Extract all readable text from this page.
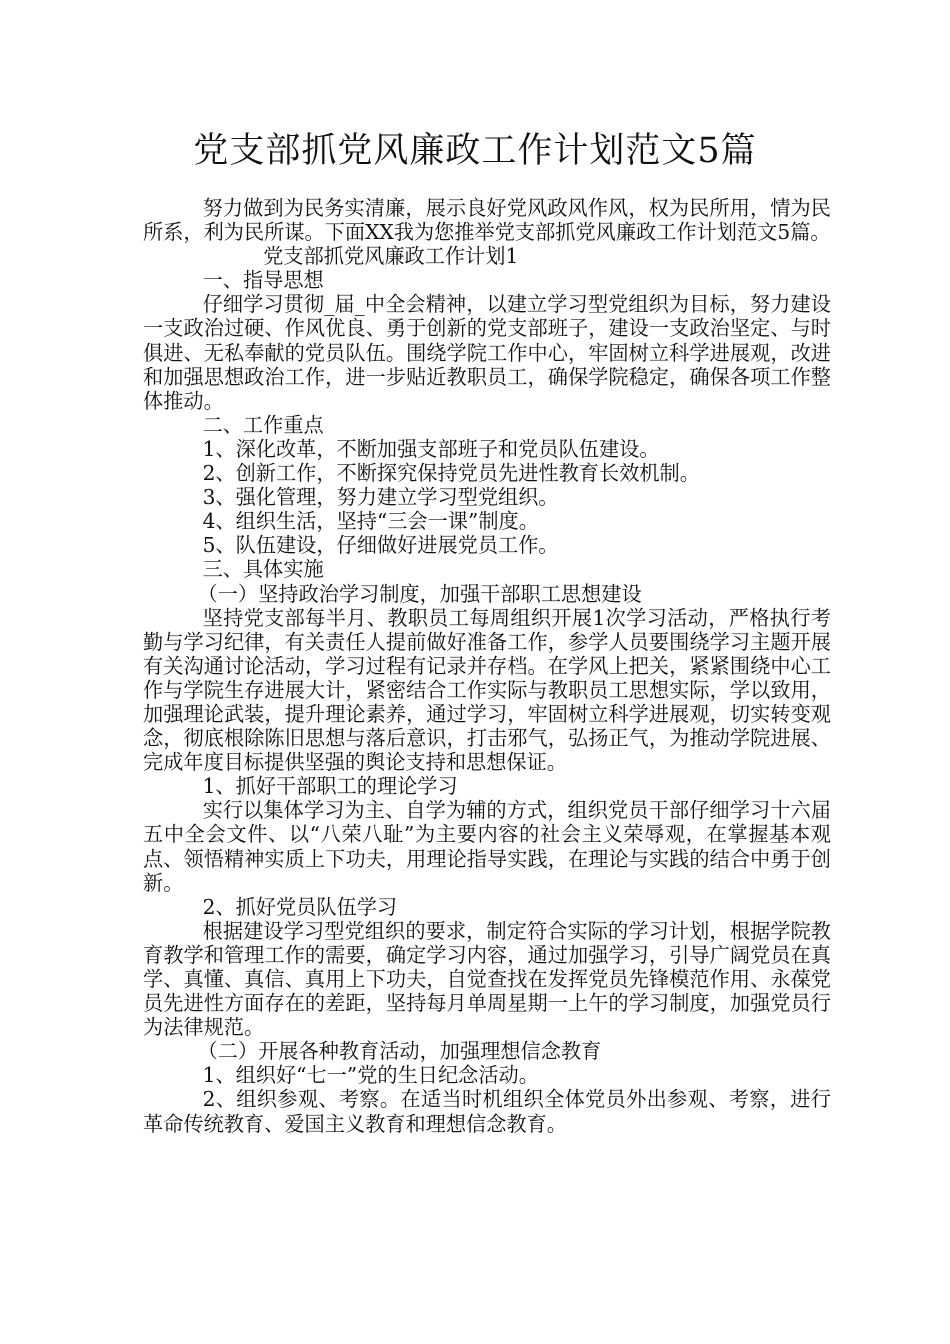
党支部抓党风廉政工作计划范文5篇

努力做到为民务实清廉，展示良好党风政风作风，权为民所用，情为民所系，利为民所谋。下面XX我为您推举党支部抓党风廉政工作计划范文5篇。

党支部抓党风廉政工作计划1

一、指导思想

仔细学习贯彻_届_中全会精神，以建立学习型党组织为目标，努力建设一支政治过硬、作风优良、勇于创新的党支部班子，建设一支政治坚定、与时俱进、无私奉献的党员队伍。围绕学院工作中心，牢固树立科学进展观，改进和加强思想政治工作，进一步贴近教职员工，确保学院稳定，确保各项工作整体推动。

二、工作重点

1、深化改革，不断加强支部班子和党员队伍建设。

2、创新工作，不断探究保持党员先进性教育长效机制。

3、强化管理，努力建立学习型党组织。

4、组织生活，坚持“三会一课”制度。

5、队伍建设，仔细做好进展党员工作。

三、具体实施

（一）坚持政治学习制度，加强干部职工思想建设

坚持党支部每半月、教职员工每周组织开展1次学习活动，严格执行考勤与学习纪律，有关责任人提前做好准备工作，参学人员要围绕学习主题开展有关沟通讨论活动，学习过程有记录并存档。在学风上把关，紧紧围绕中心工作与学院生存进展大计，紧密结合工作实际与教职员工思想实际，学以致用，加强理论武装，提升理论素养，通过学习，牢固树立科学进展观，切实转变观念，彻底根除陈旧思想与落后意识，打击邪气，弘扬正气，为推动学院进展、完成年度目标提供坚强的舆论支持和思想保证。

1、抓好干部职工的理论学习

实行以集体学习为主、自学为辅的方式，组织党员干部仔细学习十六届五中全会文件、以“八荣八耻”为主要内容的社会主义荣辱观，在掌握基本观点、领悟精神实质上下功夫，用理论指导实践，在理论与实践的结合中勇于创新。

2、抓好党员队伍学习

根据建设学习型党组织的要求，制定符合实际的学习计划，根据学院教育教学和管理工作的需要，确定学习内容，通过加强学习，引导广阔党员在真学、真懂、真信、真用上下功夫，自觉查找在发挥党员先锋模范作用、永葆党员先进性方面存在的差距，坚持每月单周星期一上午的学习制度，加强党员行为法律规范。

（二）开展各种教育活动，加强理想信念教育

1、组织好“七一”党的生日纪念活动。

2、组织参观、考察。在适当时机组织全体党员外出参观、考察，进行革命传统教育、爱国主义教育和理想信念教育。
